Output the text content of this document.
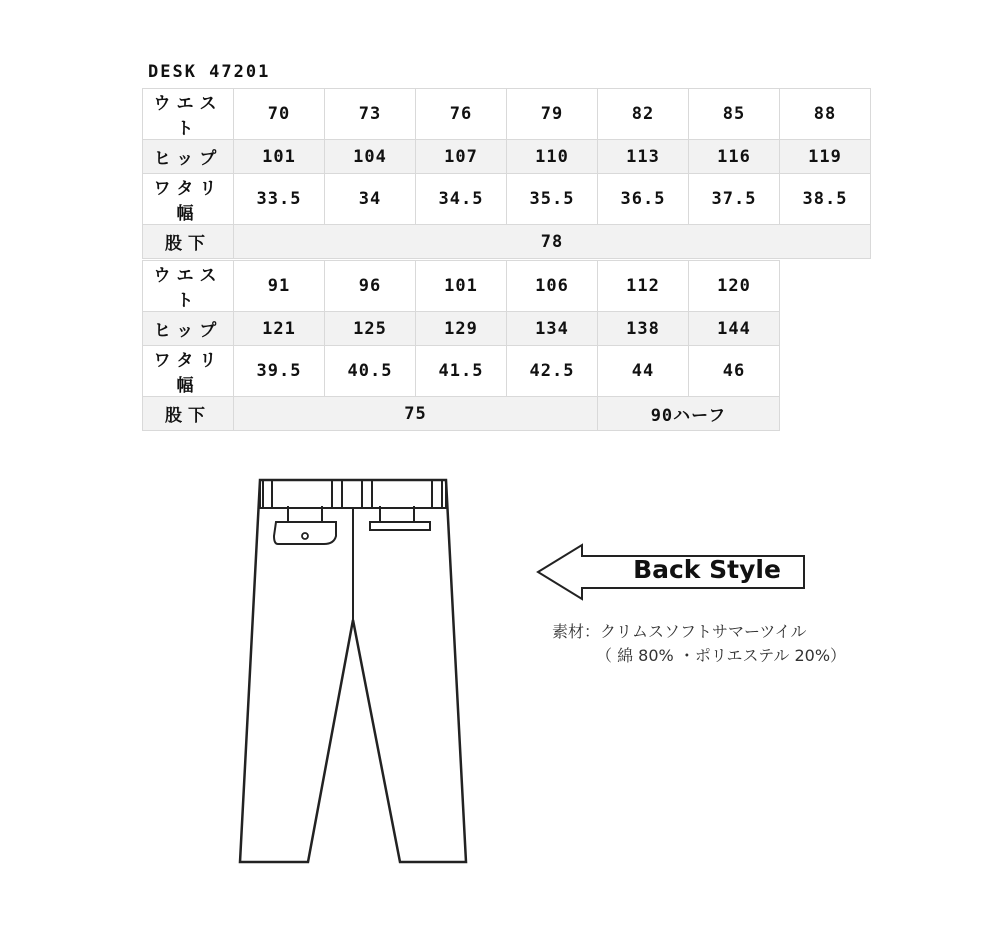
DESK 47201
ウエスト	70	73	76	79	82	85	88
ヒップ	101	104	107	110	113	116	119
ワタリ幅	33.5	34	34.5	35.5	36.5	37.5	38.5
股下	78						
ウエスト	91	96	101	106	112	120
ヒップ	121	125	129	134	138	144
ワタリ幅	39.5	40.5	41.5	42.5	44	46
股下	75				90ハーフ	
Back Style
素材：クリムスソフトサマーツイル
（ 綿 80% ・ポリエステル 20%）
